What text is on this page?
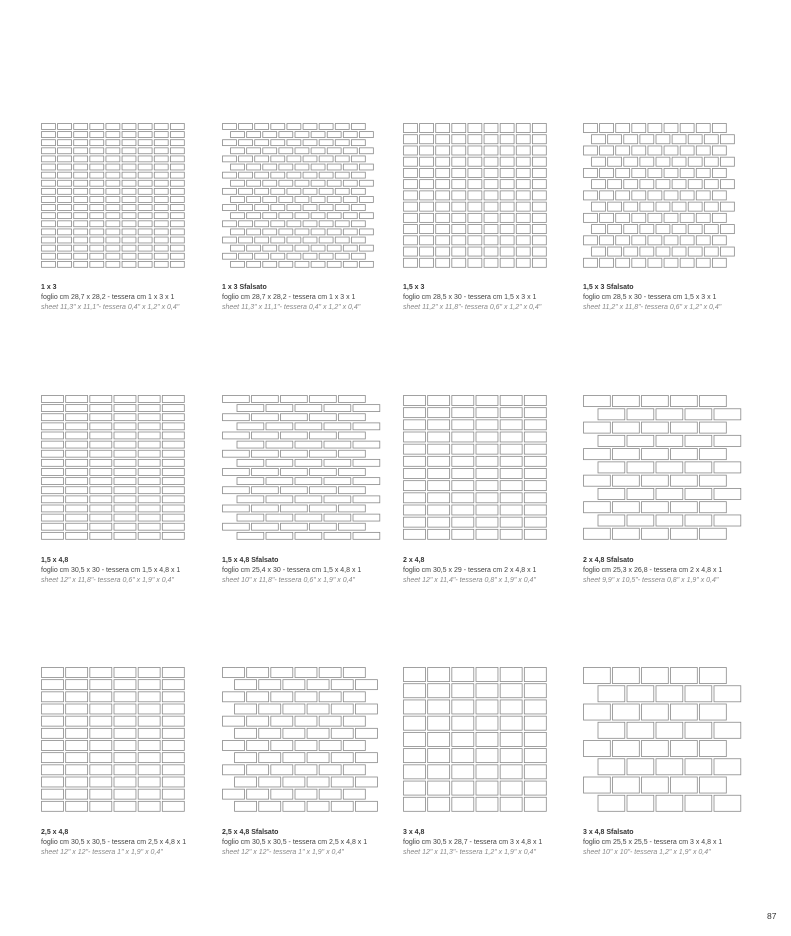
1 x 3
foglio cm 28,7 x 28,2 - tessera cm 1 x 3 x 1
sheet 11,3" x 11,1"- tessera 0,4" x 1,2" x 0,4"
1 x 3 Sfalsato
foglio cm 28,7 x 28,2 - tessera cm 1 x 3 x 1
sheet 11,3" x 11,1"- tessera 0,4" x 1,2" x 0,4"
1,5 x 3
foglio cm 28,5 x 30 - tessera cm 1,5 x 3 x 1
sheet 11,2" x 11,8"- tessera 0,6" x 1,2" x 0,4"
1,5 x 3 Sfalsato
foglio cm 28,5 x 30 - tessera cm 1,5 x 3 x 1
sheet 11,2" x 11,8"- tessera 0,6" x 1,2" x 0,4"
1,5 x 4,8
foglio cm 30,5 x 30 - tessera cm 1,5 x 4,8 x 1
sheet 12" x 11,8"- tessera 0,6" x 1,9" x 0,4"
1,5 x 4,8 Sfalsato
foglio cm 25,4 x 30 - tessera cm 1,5 x 4,8 x 1
sheet 10" x 11,8"- tessera 0,6" x 1,9" x 0,4"
2 x 4,8
foglio cm 30,5 x 29 - tessera cm 2 x 4,8 x 1
sheet 12" x 11,4"- tessera 0,8" x 1,9" x 0,4"
2 x 4,8 Sfalsato
foglio cm 25,3 x 26,8 - tessera cm 2 x 4,8 x 1
sheet 9,9" x 10,5"- tessera 0,8" x 1,9" x 0,4"
2,5 x 4,8
foglio cm 30,5 x 30,5 - tessera cm 2,5 x 4,8 x 1
sheet 12" x 12"- tessera 1" x 1,9" x 0,4"
2,5 x 4,8 Sfalsato
foglio cm 30,5 x 30,5 - tessera cm 2,5 x 4,8 x 1
sheet 12" x 12"- tessera 1" x 1,9" x 0,4"
3 x 4,8
foglio cm 30,5 x 28,7 - tessera cm 3 x 4,8 x 1
sheet 12" x 11,3"- tessera 1,2" x 1,9" x 0,4"
3 x 4,8 Sfalsato
foglio cm 25,5 x 25,5 - tessera cm 3 x 4,8 x 1
sheet 10" x 10"- tessera 1,2" x 1,9" x 0,4"
87
